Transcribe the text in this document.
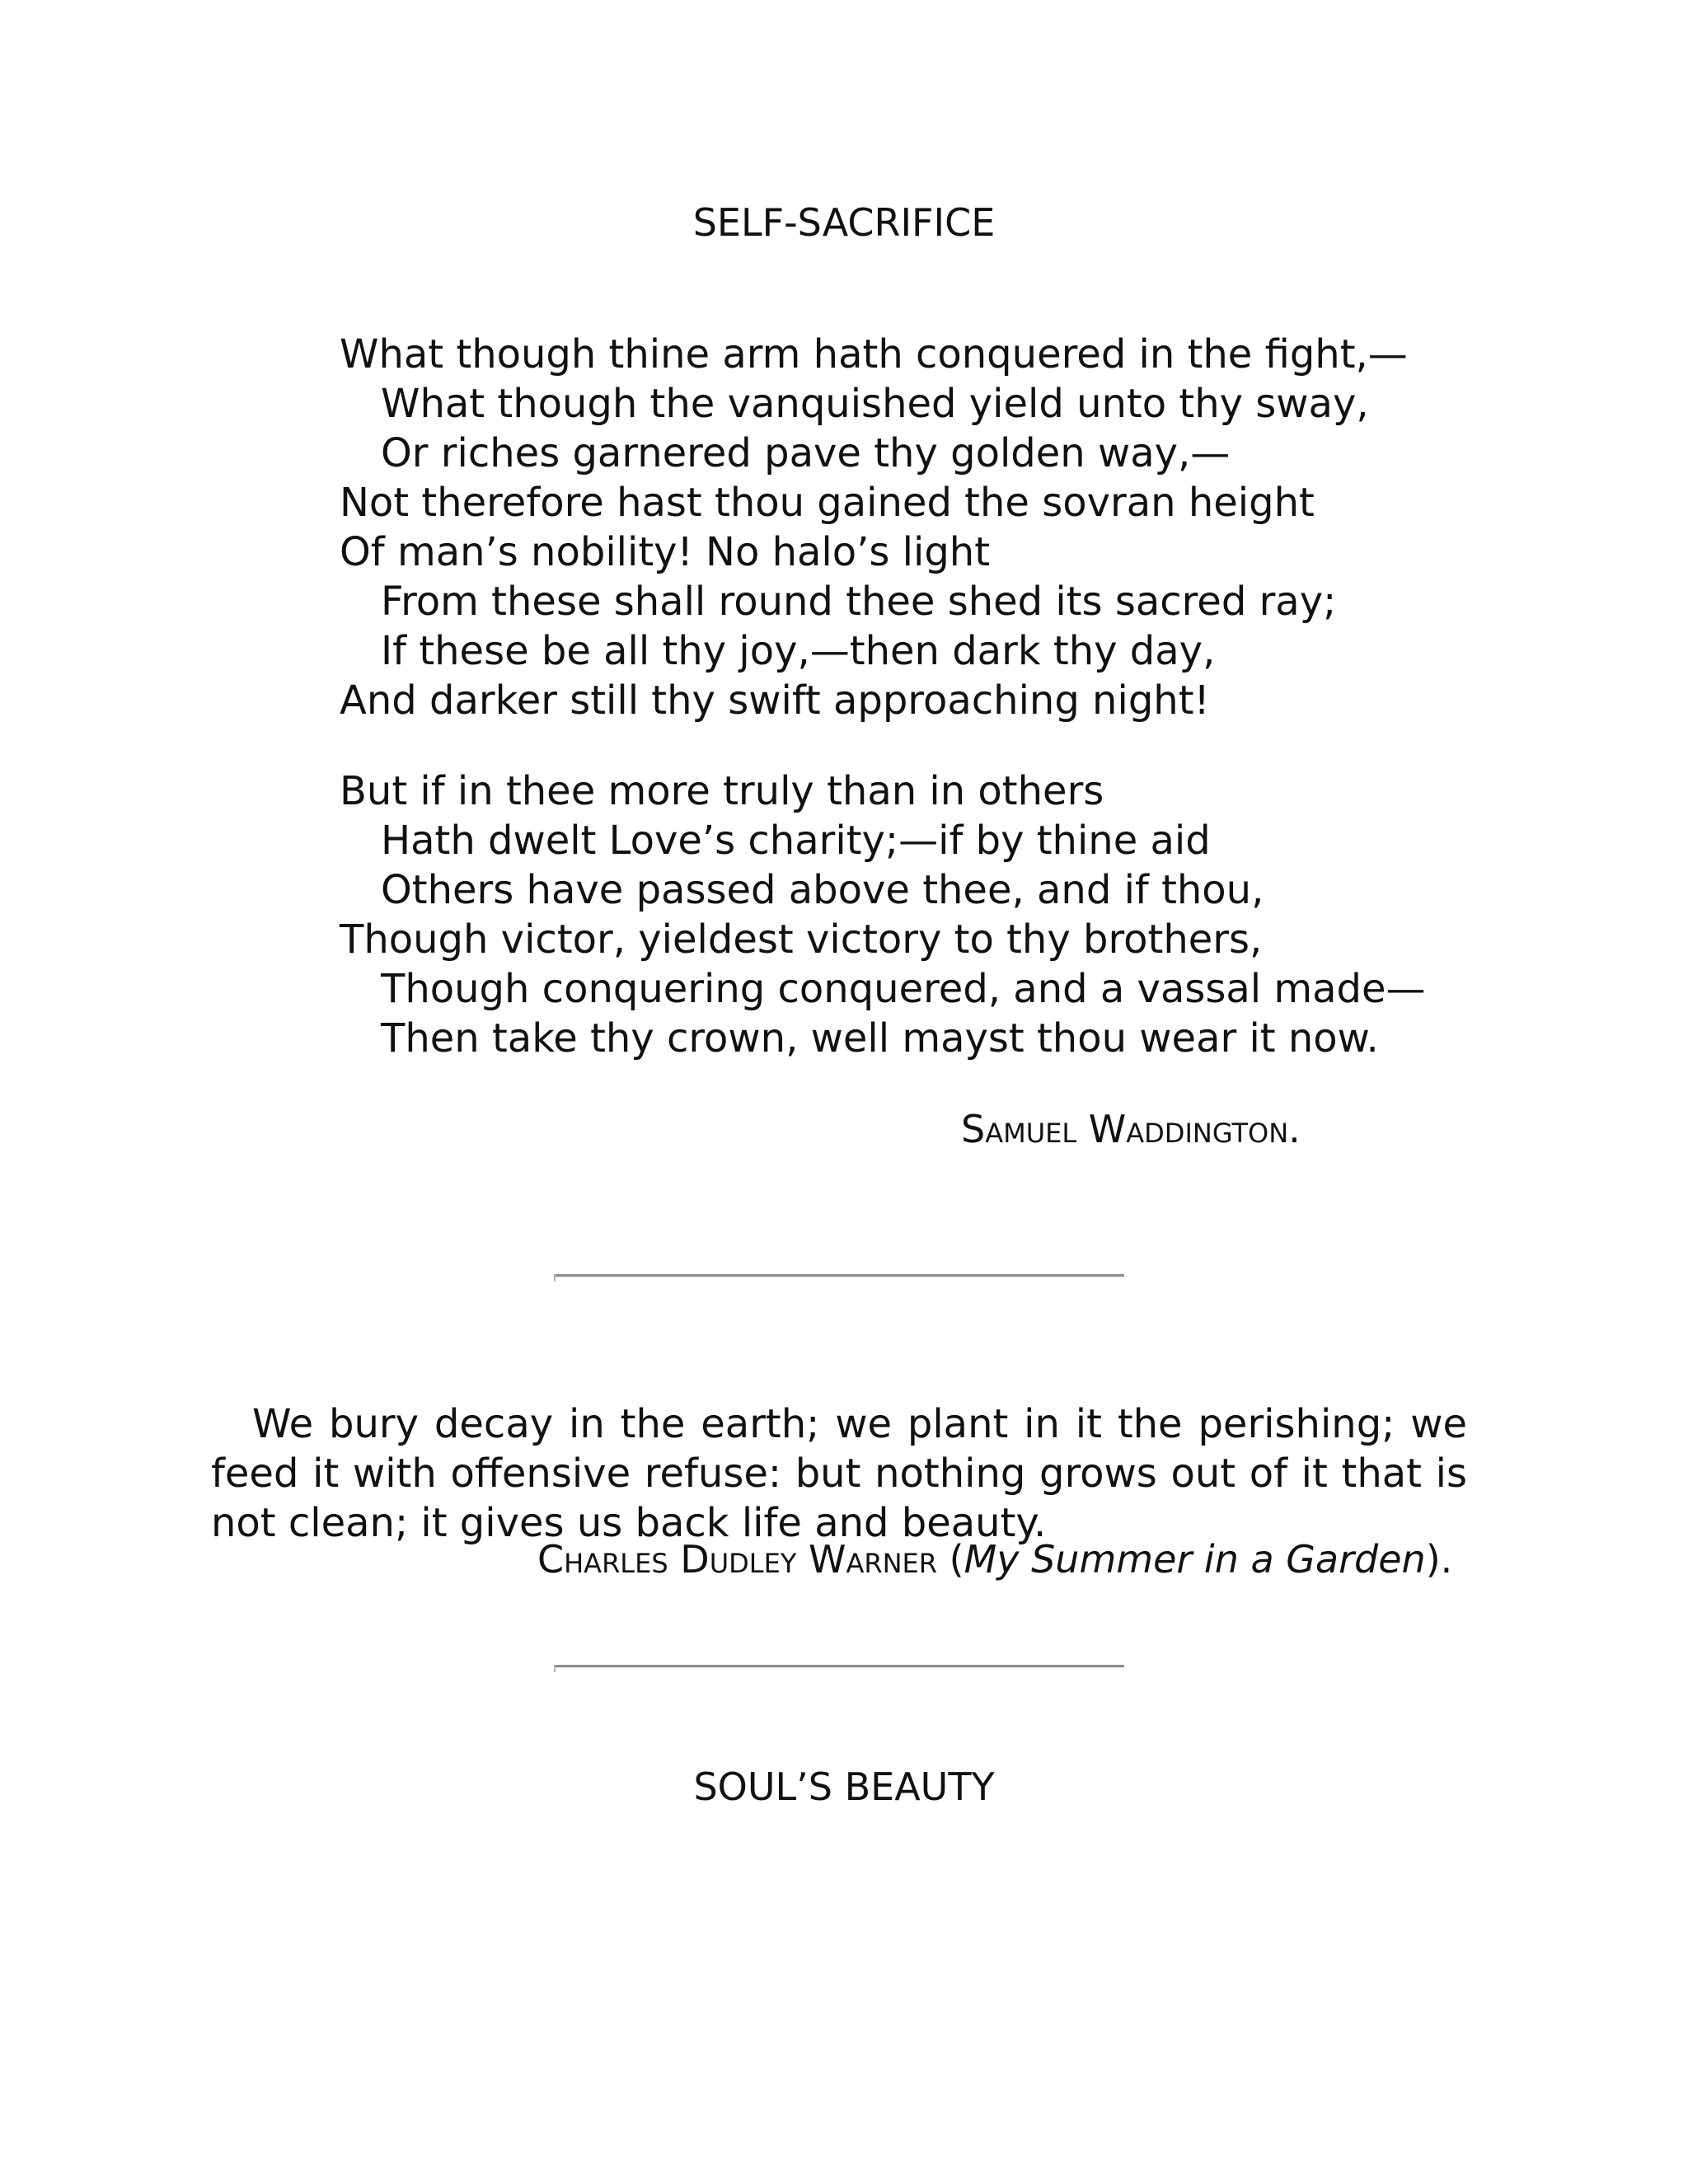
SELF-SACRIFICE
What though thine arm hath conquered in the fight,—
What though the vanquished yield unto thy sway,
Or riches garnered pave thy golden way,—
Not therefore hast thou gained the sovran height
Of man’s nobility! No halo’s light
From these shall round thee shed its sacred ray;
If these be all thy joy,—then dark thy day,
And darker still thy swift approaching night!
But if in thee more truly than in others
Hath dwelt Love’s charity;—if by thine aid
Others have passed above thee, and if thou,
Though victor, yieldest victory to thy brothers,
Though conquering conquered, and a vassal made—
Then take thy crown, well mayst thou wear it now.
Samuel Waddington.

We bury decay in the earth; we plant in it the perishing; we feed it with offensive refuse: but nothing grows out of it that is not clean; it gives us back life and beauty.

Charles Dudley Warner (My Summer in a Garden).
SOUL’S BEAUTY
